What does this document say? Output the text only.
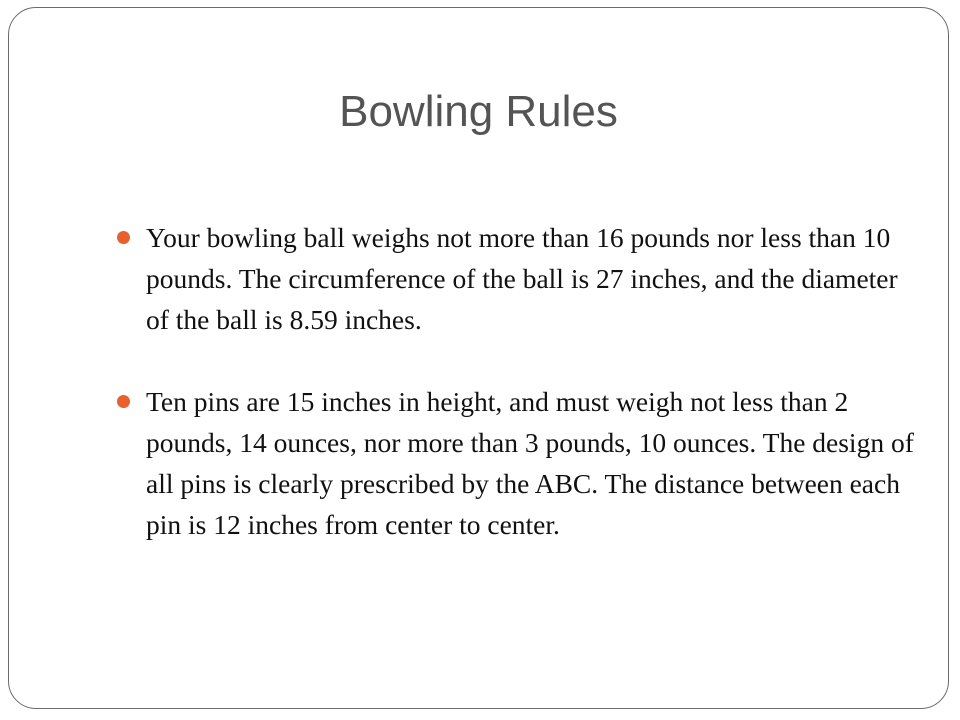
Bowling Rules
Your bowling ball weighs not more than 16 pounds nor less than 10 pounds. The circumference of the ball is 27 inches, and the diameter of the ball is 8.59 inches.
Ten pins are 15 inches in height, and must weigh not less than 2 pounds, 14 ounces, nor more than 3 pounds, 10 ounces. The design of all pins is clearly prescribed by the ABC. The distance between each pin is 12 inches from center to center.
